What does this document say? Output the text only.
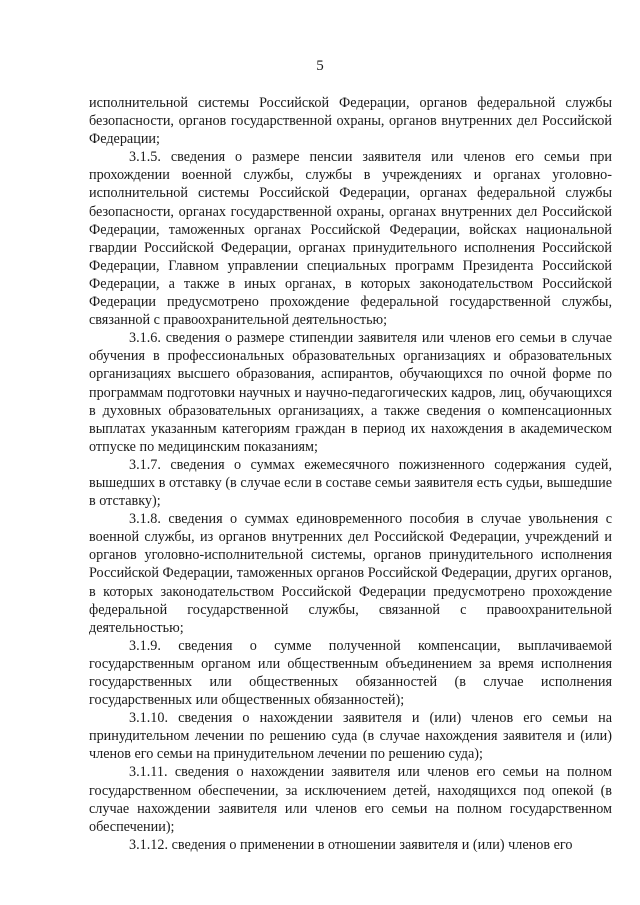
5

исполнительной системы Российской Федерации, органов федеральной службы безопасности, органов государственной охраны, органов внутренних дел Российской Федерации;

3.1.5. сведения о размере пенсии заявителя или членов его семьи при прохождении военной службы, службы в учреждениях и органах уголовно-исполнительной системы Российской Федерации, органах федеральной службы безопасности, органах государственной охраны, органах внутренних дел Российской Федерации, таможенных органах Российской Федерации, войсках национальной гвардии Российской Федерации, органах принудительного исполнения Российской Федерации, Главном управлении специальных программ Президента Российской Федерации, а также в иных органах, в которых законодательством Российской Федерации предусмотрено прохождение федеральной государственной службы, связанной с правоохранительной деятельностью;

3.1.6. сведения о размере стипендии заявителя или членов его семьи в случае обучения в профессиональных образовательных организациях и образовательных организациях высшего образования, аспирантов, обучающихся по очной форме по программам подготовки научных и научно-педагогических кадров, лиц, обучающихся в духовных образовательных организациях, а также сведения о компенсационных выплатах указанным категориям граждан в период их нахождения в академическом отпуске по медицинским показаниям;

3.1.7. сведения о суммах ежемесячного пожизненного содержания судей, вышедших в отставку (в случае если в составе семьи заявителя есть судьи, вышедшие в отставку);

3.1.8. сведения о суммах единовременного пособия в случае увольнения с военной службы, из органов внутренних дел Российской Федерации, учреждений и органов уголовно-исполнительной системы, органов принудительного исполнения Российской Федерации, таможенных органов Российской Федерации, других органов, в которых законодательством Российской Федерации предусмотрено прохождение федеральной государственной службы, связанной с правоохранительной деятельностью;

3.1.9. сведения о сумме полученной компенсации, выплачиваемой государственным органом или общественным объединением за время исполнения государственных или общественных обязанностей (в случае исполнения государственных или общественных обязанностей);

3.1.10. сведения о нахождении заявителя и (или) членов его семьи на принудительном лечении по решению суда (в случае нахождения заявителя и (или) членов его семьи на принудительном лечении по решению суда);

3.1.11. сведения о нахождении заявителя или членов его семьи на полном государственном обеспечении, за исключением детей, находящихся под опекой (в случае нахождении заявителя или членов его семьи на полном государственном обеспечении);

3.1.12. сведения о применении в отношении заявителя и (или) членов его
